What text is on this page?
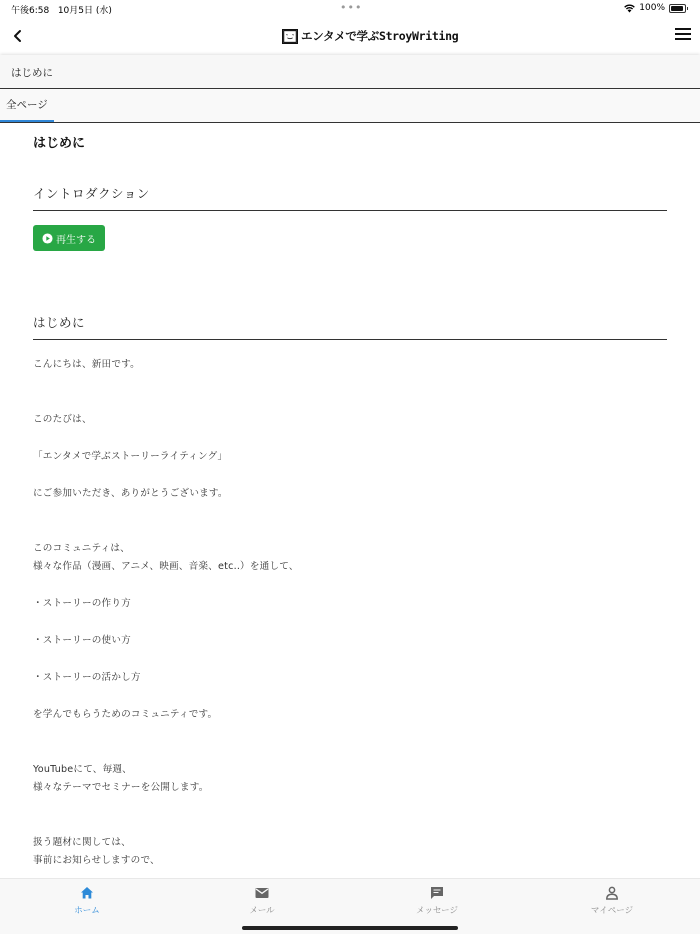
午後6:58 10月5日 (水)	•••	100%
エンタメで学ぶStroyWriting
はじめに
全ページ
はじめに
イントロダクション
再生する
はじめに
こんにちは、新田です。
このたびは、
「エンタメで学ぶストーリーライティング」
にご参加いただき、ありがとうございます。
このコミュニティは、
様々な作品（漫画、アニメ、映画、音楽、etc..）を通して、
・ストーリーの作り方
・ストーリーの使い方
・ストーリーの活かし方
を学んでもらうためのコミュニティです。
YouTubeにて、毎週、
様々なテーマでセミナーを公開します。
扱う題材に関しては、
事前にお知らせしますので、
ホーム	メール	メッセージ	マイページ
